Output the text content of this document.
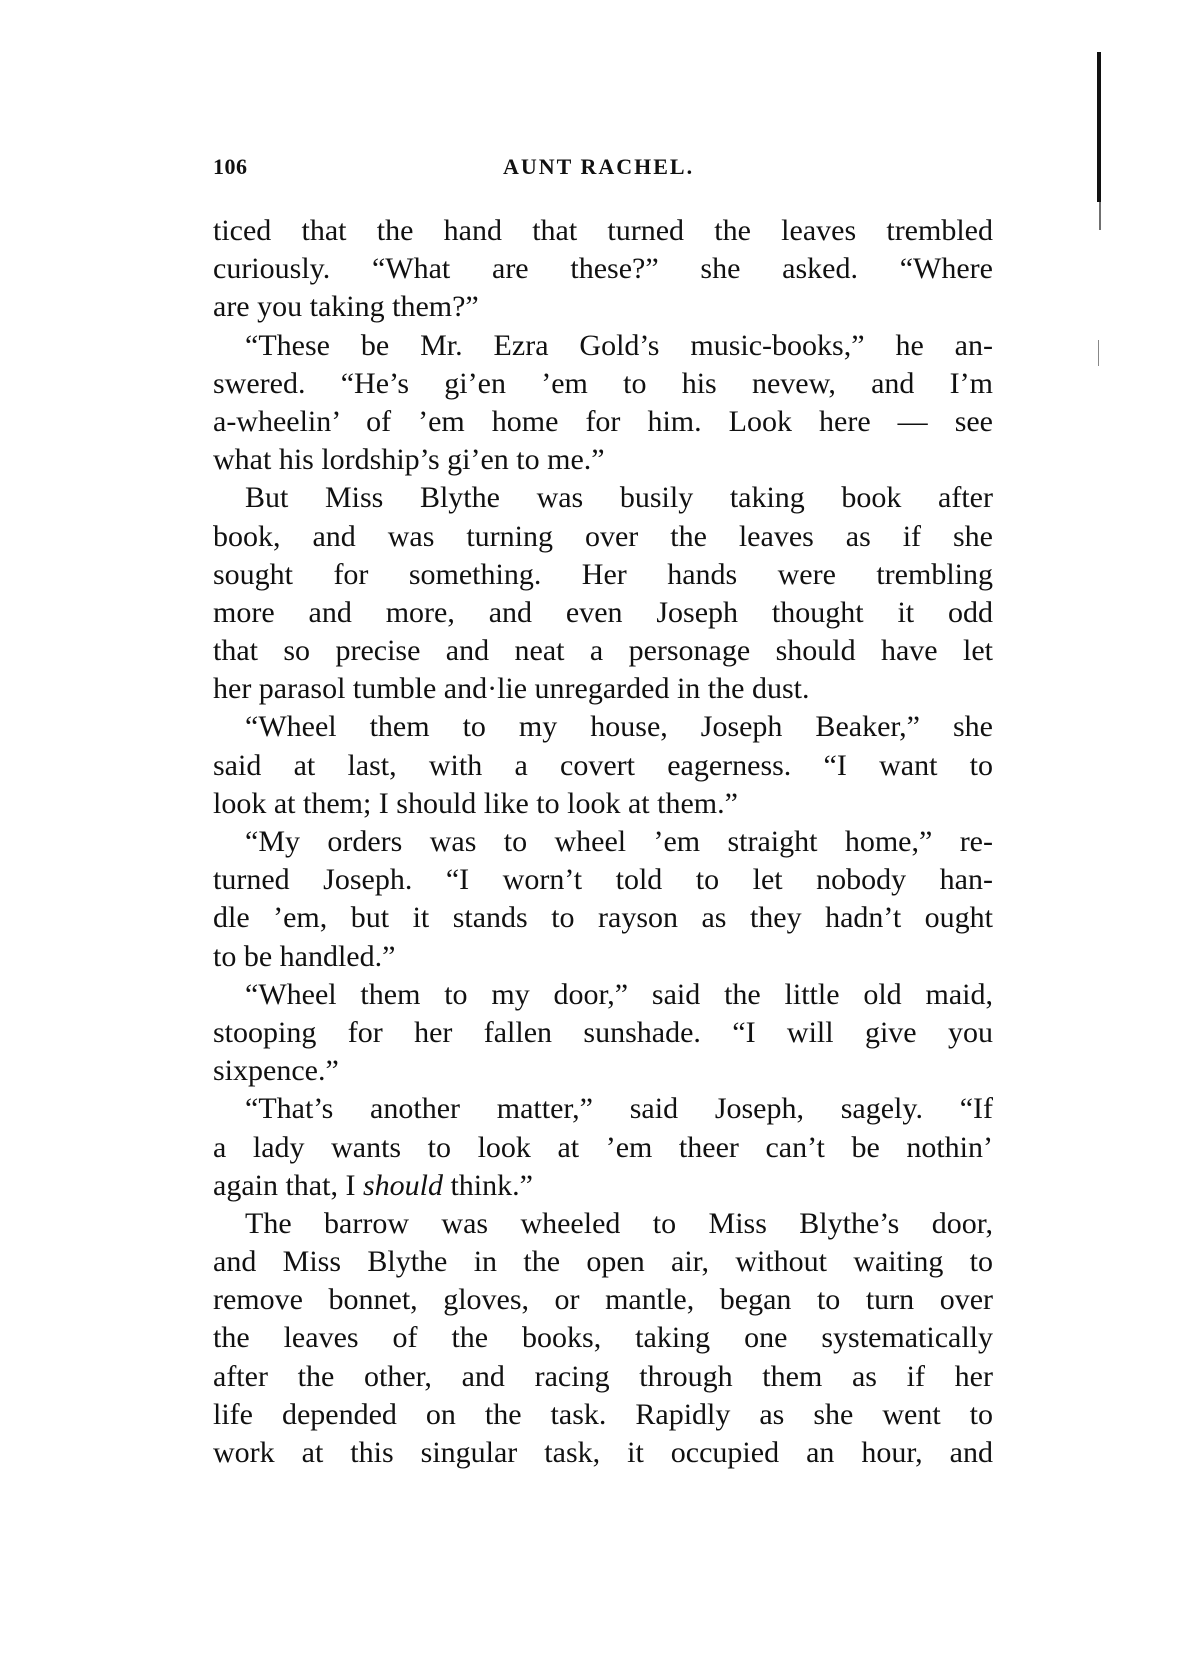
106	AUNT RACHEL.
ticed that the hand that turned the leaves trembled
curiously. “What are these?” she asked. “Where
are you taking them?”
“These be Mr. Ezra Gold’s music-books,” he an-
swered. “He’s gi’en ’em to his nevew, and I’m
a-wheelin’ of ’em home for him. Look here — see
what his lordship’s gi’en to me.”
But Miss Blythe was busily taking book after
book, and was turning over the leaves as if she
sought for something. Her hands were trembling
more and more, and even Joseph thought it odd
that so precise and neat a personage should have let
her parasol tumble and·lie unregarded in the dust.
“Wheel them to my house, Joseph Beaker,” she
said at last, with a covert eagerness. “I want to
look at them; I should like to look at them.”
“My orders was to wheel ’em straight home,” re-
turned Joseph. “I worn’t told to let nobody han-
dle ’em, but it stands to rayson as they hadn’t ought
to be handled.”
“Wheel them to my door,” said the little old maid,
stooping for her fallen sunshade. “I will give you
sixpence.”
“That’s another matter,” said Joseph, sagely. “If
a lady wants to look at ’em theer can’t be nothin’
again that, I should think.”
The barrow was wheeled to Miss Blythe’s door,
and Miss Blythe in the open air, without waiting to
remove bonnet, gloves, or mantle, began to turn over
the leaves of the books, taking one systematically
after the other, and racing through them as if her
life depended on the task. Rapidly as she went to
work at this singular task, it occupied an hour, and
